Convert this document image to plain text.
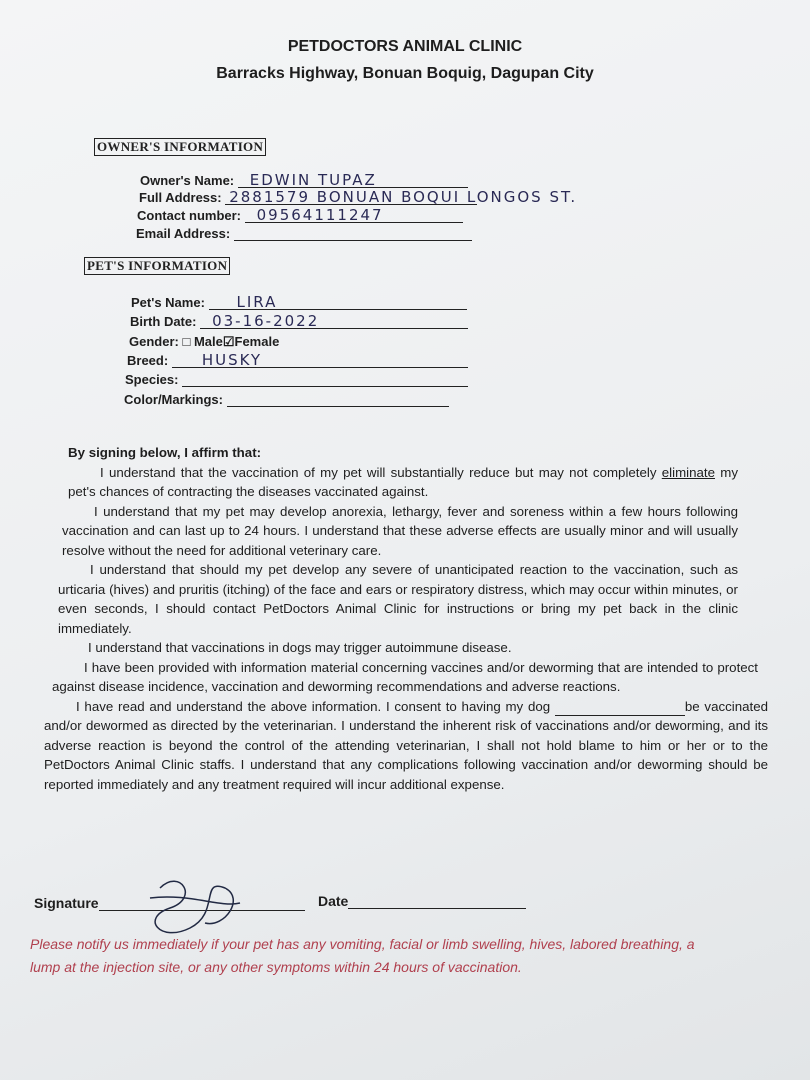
PETDOCTORS ANIMAL CLINIC
Barracks Highway, Bonuan Boquig, Dagupan City
OWNER'S INFORMATION
Owner's Name: EDWIN TUPAZ
Full Address: 2881579 BONUAN BOQUI LONGOS ST.
Contact number: 09564111247
Email Address:
PET'S INFORMATION
Pet's Name: LIRA
Birth Date: 03-16-2022
Gender: □ Male☑Female
Breed: HUSKY
Species:
Color/Markings:

By signing below, I affirm that:

I understand that the vaccination of my pet will substantially reduce but may not completely eliminate my pet's chances of contracting the diseases vaccinated against.

I understand that my pet may develop anorexia, lethargy, fever and soreness within a few hours following vaccination and can last up to 24 hours. I understand that these adverse effects are usually minor and will usually resolve without the need for additional veterinary care.

I understand that should my pet develop any severe of unanticipated reaction to the vaccination, such as urticaria (hives) and pruritis (itching) of the face and ears or respiratory distress, which may occur within minutes, or even seconds, I should contact PetDoctors Animal Clinic for instructions or bring my pet back in the clinic immediately.

I understand that vaccinations in dogs may trigger autoimmune disease.

I have been provided with information material concerning vaccines and/or deworming that are intended to protect against disease incidence, vaccination and deworming recommendations and adverse reactions.

I have read and understand the above information. I consent to having my dog	be vaccinated and/or dewormed as directed by the veterinarian. I understand the inherent risk of vaccinations and/or deworming, and its adverse reaction is beyond the control of the attending veterinarian, I shall not hold blame to him or her or to the PetDoctors Animal Clinic staffs. I understand that any complications following vaccination and/or deworming should be reported immediately and any treatment required will incur additional expense.

Signature	Date
Please notify us immediately if your pet has any vomiting, facial or limb swelling, hives, labored breathing, a lump at the injection site, or any other symptoms within 24 hours of vaccination.
